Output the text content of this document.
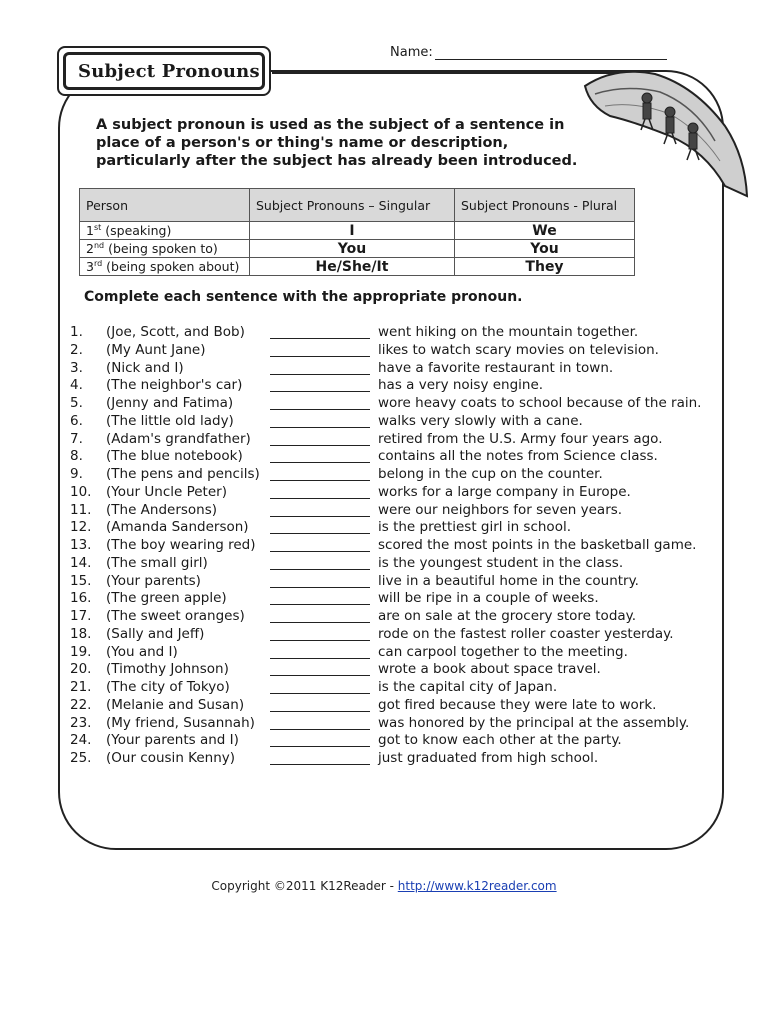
Subject Pronouns
Name:
A subject pronoun is used as the subject of a sentence in place of a person's or thing's name or description, particularly after the subject has already been introduced.
Person	Subject Pronouns – Singular	Subject Pronouns - Plural
1st (speaking)	I	We
2nd (being spoken to)	You	You
3rd (being spoken about)	He/She/It	They
Complete each sentence with the appropriate pronoun.
1. (Joe, Scott, and Bob)	went hiking on the mountain together.
2. (My Aunt Jane)	likes to watch scary movies on television.
3. (Nick and I)	have a favorite restaurant in town.
4. (The neighbor's car)	has a very noisy engine.
5. (Jenny and Fatima)	wore heavy coats to school because of the rain.
6. (The little old lady)	walks very slowly with a cane.
7. (Adam's grandfather)	retired from the U.S. Army four years ago.
8. (The blue notebook)	contains all the notes from Science class.
9. (The pens and pencils)	belong in the cup on the counter.
10. (Your Uncle Peter)	works for a large company in Europe.
11. (The Andersons)	were our neighbors for seven years.
12. (Amanda Sanderson)	is the prettiest girl in school.
13. (The boy wearing red)	scored the most points in the basketball game.
14. (The small girl)	is the youngest student in the class.
15. (Your parents)	live in a beautiful home in the country.
16. (The green apple)	will be ripe in a couple of weeks.
17. (The sweet oranges)	are on sale at the grocery store today.
18. (Sally and Jeff)	rode on the fastest roller coaster yesterday.
19. (You and I)	can carpool together to the meeting.
20. (Timothy Johnson)	wrote a book about space travel.
21. (The city of Tokyo)	is the capital city of Japan.
22. (Melanie and Susan)	got fired because they were late to work.
23. (My friend, Susannah)	was honored by the principal at the assembly.
24. (Your parents and I)	got to know each other at the party.
25. (Our cousin Kenny)	just graduated from high school.
Copyright ©2011 K12Reader - http://www.k12reader.com
